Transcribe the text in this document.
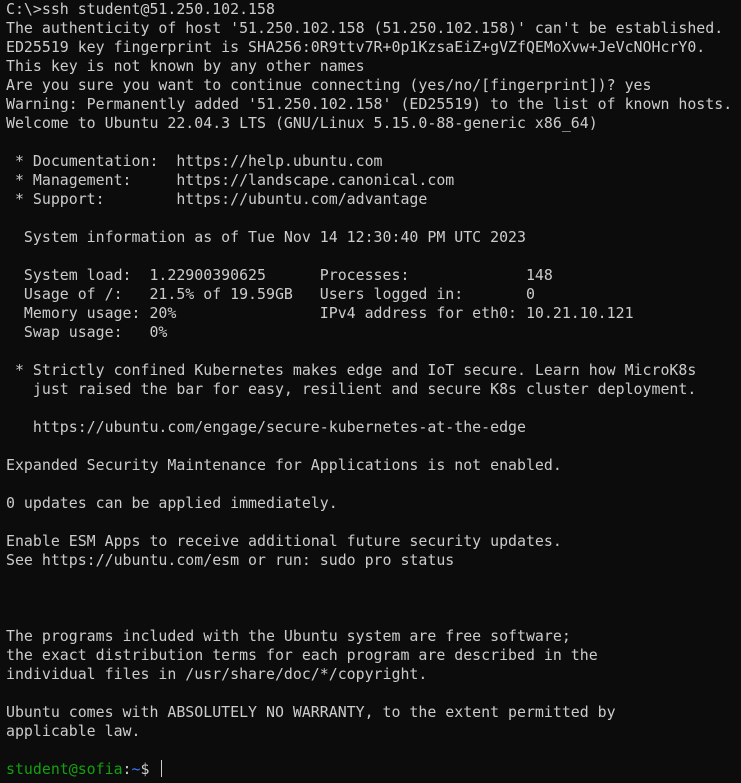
C:\>ssh student@51.250.102.158
The authenticity of host '51.250.102.158 (51.250.102.158)' can't be established.
ED25519 key fingerprint is SHA256:0R9ttv7R+0p1KzsaEiZ+gVZfQEMoXvw+JeVcNOHcrY0.
This key is not known by any other names
Are you sure you want to continue connecting (yes/no/[fingerprint])? yes
Warning: Permanently added '51.250.102.158' (ED25519) to the list of known hosts.
Welcome to Ubuntu 22.04.3 LTS (GNU/Linux 5.15.0-88-generic x86_64)
* Documentation:  https://help.ubuntu.com
* Management:     https://landscape.canonical.com
* Support:        https://ubuntu.com/advantage
System information as of Tue Nov 14 12:30:40 PM UTC 2023
System load:  1.22900390625      Processes:             148
Usage of /:   21.5% of 19.59GB   Users logged in:       0
Memory usage: 20%                IPv4 address for eth0: 10.21.10.121
Swap usage:   0%
* Strictly confined Kubernetes makes edge and IoT secure. Learn how MicroK8s
just raised the bar for easy, resilient and secure K8s cluster deployment.
https://ubuntu.com/engage/secure-kubernetes-at-the-edge
Expanded Security Maintenance for Applications is not enabled.
0 updates can be applied immediately.
Enable ESM Apps to receive additional future security updates.
See https://ubuntu.com/esm or run: sudo pro status
The programs included with the Ubuntu system are free software;
the exact distribution terms for each program are described in the
individual files in /usr/share/doc/*/copyright.
Ubuntu comes with ABSOLUTELY NO WARRANTY, to the extent permitted by
applicable law.
student@sofia:~$
